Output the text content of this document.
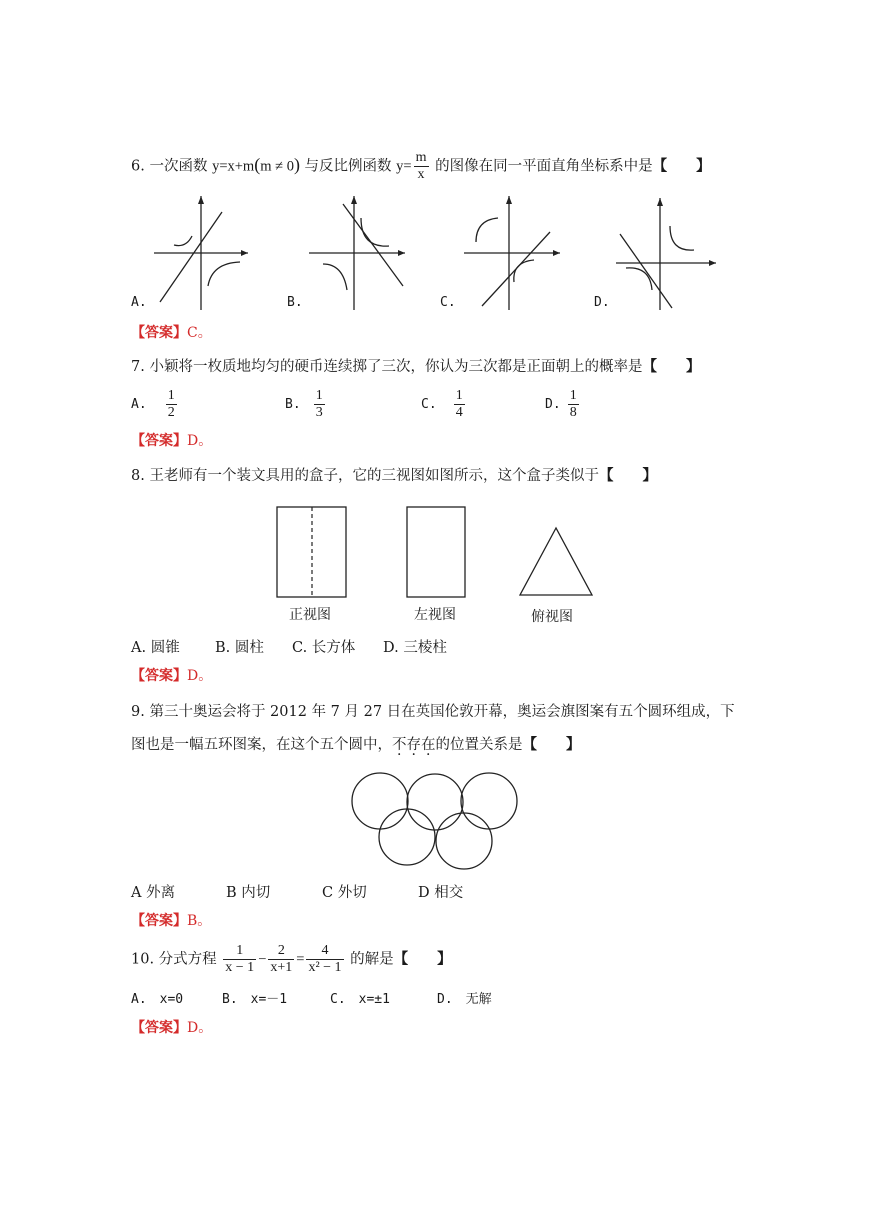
6. 一次函数 y=x+m(m ≠ 0) 与反比例函数 $y= \frac{m}{x}$ 的图像在同一平面直角坐标系中是【　　】
A.	B.	C.	D.
【答案】C。
7. 小颖将一枚质地均匀的硬币连续掷了三次，你认为三次都是正面朝上的概率是【　　】
A. $\frac{1}{2}$	B. $\frac{1}{3}$	C. $\frac{1}{4}$	D. $\frac{1}{8}$
【答案】D。
8. 王老师有一个装文具用的盒子，它的三视图如图所示，这个盒子类似于【　　】
正视图	左视图	俯视图
A. 圆锥 B. 圆柱 C. 长方体 D. 三棱柱
【答案】D。
9. 第三十奥运会将于 2012 年 7 月 27 日在英国伦敦开幕，奥运会旗图案有五个圆环组成，下
图也是一幅五环图案，在这个五个圆中，不存在的位置关系是【　　】
A 外离	B 内切	C 外切	D 相交
【答案】B。
10. 分式方程 $\frac{1}{x - 1} - \frac{2}{x+1} = \frac{4}{\text{x² − 1}}$ 的解是【　　】
A.　x=0	B.　x=－1	C.　x=±1	D.　无解
【答案】D。
